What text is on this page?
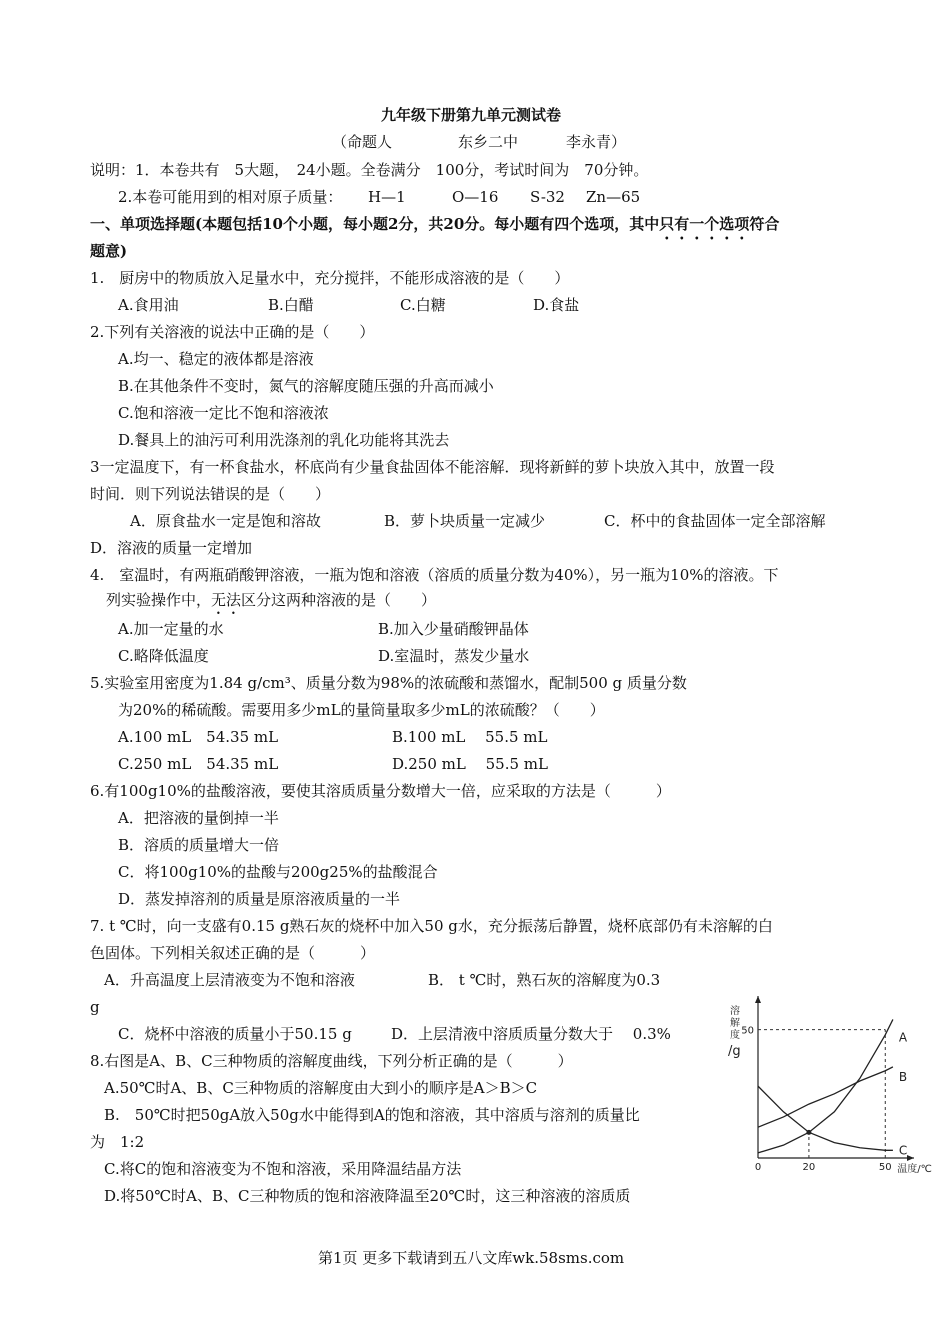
九年级下册第九单元测试卷
（命题人	东乡二中	李永青）
说明：1．本卷共有　5大题，　24小题。全卷满分　100分，考试时间为　70分钟。
2.本卷可能用到的相对原子质量： H—1	O—16 S-32 Zn—65
一、单项选择题(本题包括10个小题，每小题2分，共20分。每小题有四个选项，其中只有一个选项符合
题意)
1.　厨房中的物质放入足量水中，充分搅拌，不能形成溶液的是（　　）
A.食用油	B.白醋	C.白糖	D.食盐
2.下列有关溶液的说法中正确的是（　　）
A.均一、稳定的液体都是溶液
B.在其他条件不变时，氮气的溶解度随压强的升高而减小
C.饱和溶液一定比不饱和溶液浓
D.餐具上的油污可利用洗涤剂的乳化功能将其洗去
3一定温度下，有一杯食盐水，杯底尚有少量食盐固体不能溶解．现将新鲜的萝卜块放入其中，放置一段
时间．则下列说法错误的是（　　）
A．原食盐水一定是饱和溶故	B．萝卜块质量一定减少	C．杯中的食盐固体一定全部溶解
D．溶液的质量一定增加
4.　室温时，有两瓶硝酸钾溶液，一瓶为饱和溶液（溶质的质量分数为40%），另一瓶为10%的溶液。下
列实验操作中，无法区分这两种溶液的是（　　）
A.加一定量的水	B.加入少量硝酸钾晶体
C.略降低温度	D.室温时，蒸发少量水
5.实验室用密度为1.84 g/cm³、质量分数为98%的浓硫酸和蒸馏水，配制500 g 质量分数
为20%的稀硫酸。需要用多少mL的量筒量取多少mL的浓硫酸？（　　）
A.100 mL　54.35 mL	B.100 mL　 55.5 mL
C.250 mL　54.35 mL	D.250 mL　 55.5 mL
6.有100g10%的盐酸溶液，要使其溶质质量分数增大一倍，应采取的方法是（　　　）
A．把溶液的量倒掉一半
B．溶质的质量增大一倍
C．将100g10%的盐酸与200g25%的盐酸混合
D．蒸发掉溶剂的质量是原溶液质量的一半
7. t ℃时，向一支盛有0.15 g熟石灰的烧杯中加入50 g水，充分振荡后静置，烧杯底部仍有未溶解的白
色固体。下列相关叙述正确的是（　　　）
A．升高温度上层清液变为不饱和溶液	B． t ℃时，熟石灰的溶解度为0.3
g
C．烧杯中溶液的质量小于50.15 g	D．上层清液中溶质质量分数大于　 0.3%
8.右图是A、B、C三种物质的溶解度曲线，下列分析正确的是（　　　）
A.50℃时A、B、C三种物质的溶解度由大到小的顺序是A＞B＞C
B.　50℃时把50gA放入50g水中能得到A的饱和溶液，其中溶质与溶剂的质量比
为　1:2
C.将C的饱和溶液变为不饱和溶液，采用降温结晶方法
D.将50℃时A、B、C三种物质的饱和溶液降温至20℃时，这三种溶液的溶质质
溶解度/g
50
0	20	50 温度/℃
A
B
C
第1页 更多下载请到五八文库wk.58sms.com
